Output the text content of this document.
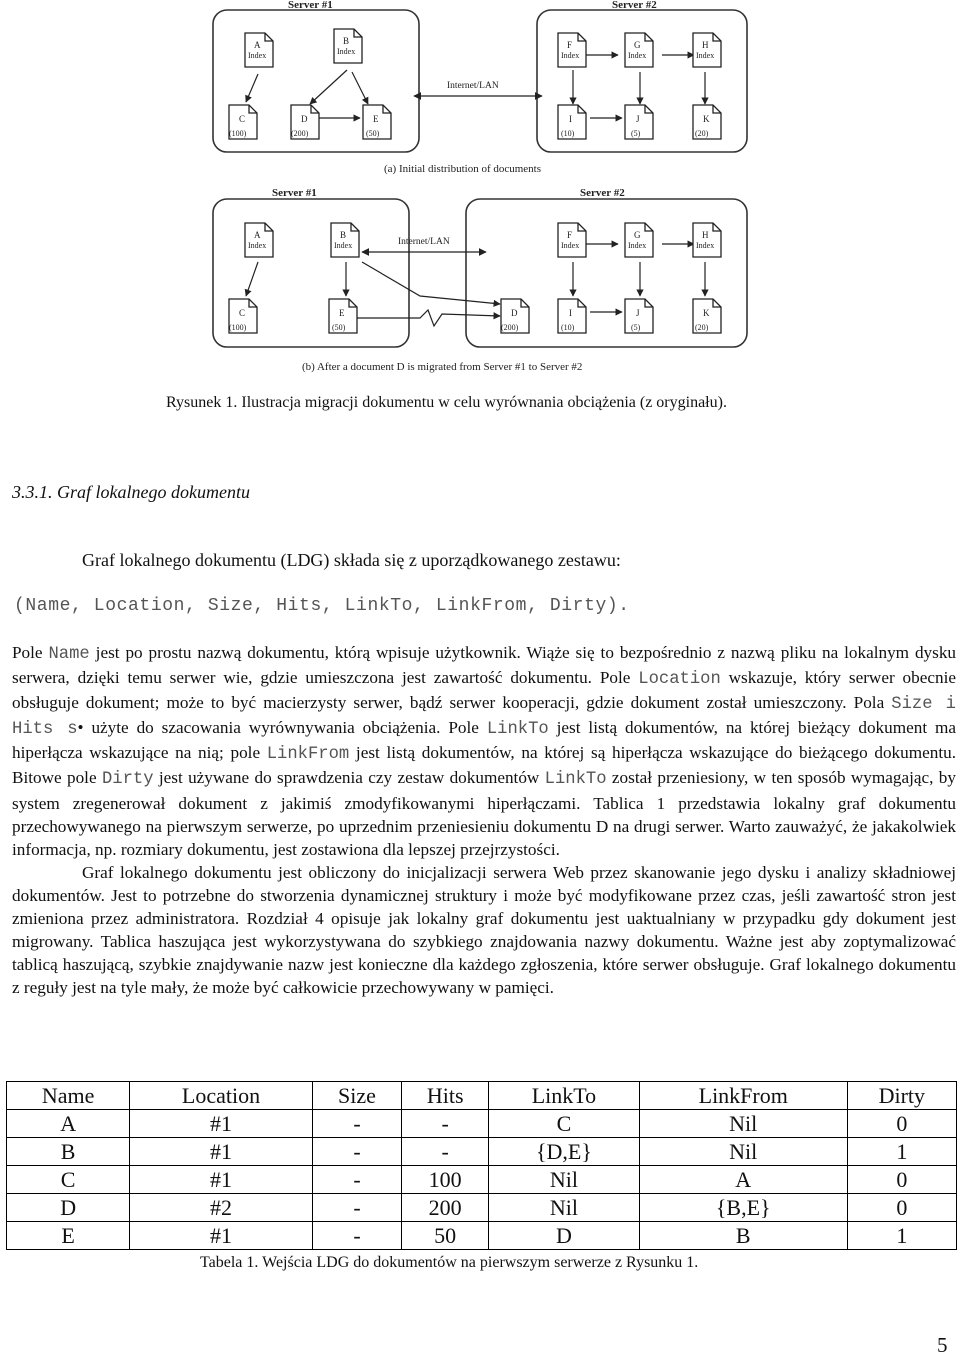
Server #1	Server #2
Internet/LAN
A
Index
B
Index
C
(100)
D
(200)
E
(50)
F
Index
G
Index
H
Index
I
(10)
J
(5)
K
(20)
(a) Initial distribution of documents
Server #1	Server #2
Internet/LAN
A
Index
B
Index
C
(100)
E
(50)
D
(200)
F
Index
G
Index
H
Index
I
(10)
J
(5)
K
(20)
(b) After a document D is migrated from Server #1 to Server #2
Rysunek 1. Ilustracja migracji dokumentu w celu wyrównania obciążenia (z oryginału).
3.3.1. Graf lokalnego dokumentu
Graf lokalnego dokumentu (LDG) składa się z uporządkowanego zestawu:
(Name, Location, Size, Hits, LinkTo, LinkFrom, Dirty).

Pole Name jest po prostu nazwą dokumentu, którą wpisuje użytkownik. Wiąże się to bezpośrednio z nazwą pliku na lokalnym dysku serwera, dzięki temu serwer wie, gdzie umieszczona jest zawartość dokumentu. Pole Location wskazuje, który serwer obecnie obsługuje dokument; może to być macierzysty serwer, bądź serwer kooperacji, gdzie dokument został umieszczony. Pola Size i Hits s• użyte do szacowania wyrównywania obciążenia. Pole LinkTo jest listą dokumentów, na której bieżący dokument ma hiperłącza wskazujące na nią; pole LinkFrom jest listą dokumentów, na której są hiperłącza wskazujące do bieżącego dokumentu. Bitowe pole Dirty jest używane do sprawdzenia czy zestaw dokumentów LinkTo został przeniesiony, w ten sposób wymagając, by system zregenerował dokument z jakimiś zmodyfikowanymi hiperłączami. Tablica 1 przedstawia lokalny graf dokumentu przechowywanego na pierwszym serwerze, po uprzednim przeniesieniu dokumentu D na drugi serwer. Warto zauważyć, że jakakolwiek informacja, np. rozmiary dokumentu, jest zostawiona dla lepszej przejrzystości.

Graf lokalnego dokumentu jest obliczony do inicjalizacji serwera Web przez skanowanie jego dysku i analizy składniowej dokumentów. Jest to potrzebne do stworzenia dynamicznej struktury i może być modyfikowane przez czas, jeśli zawartość stron jest zmieniona przez administratora. Rozdział 4 opisuje jak lokalny graf dokumentu jest uaktualniany w przypadku gdy dokument jest migrowany. Tablica haszująca jest wykorzystywana do szybkiego znajdowania nazwy dokumentu. Ważne jest aby zoptymalizować tablicą haszującą, szybkie znajdywanie nazw jest konieczne dla każdego zgłoszenia, które serwer obsługuje. Graf lokalnego dokumentu z reguły jest na tyle mały, że może być całkowicie przechowywany w pamięci.

Name	Location	Size	Hits	LinkTo	LinkFrom	Dirty
A	#1	-	-	C	Nil	0
B	#1	-	-	{D,E}	Nil	1
C	#1	-	100	Nil	A	0
D	#2	-	200	Nil	{B,E}	0
E	#1	-	50	D	B	1
Tabela 1. Wejścia LDG do dokumentów na pierwszym serwerze z Rysunku 1.
5
